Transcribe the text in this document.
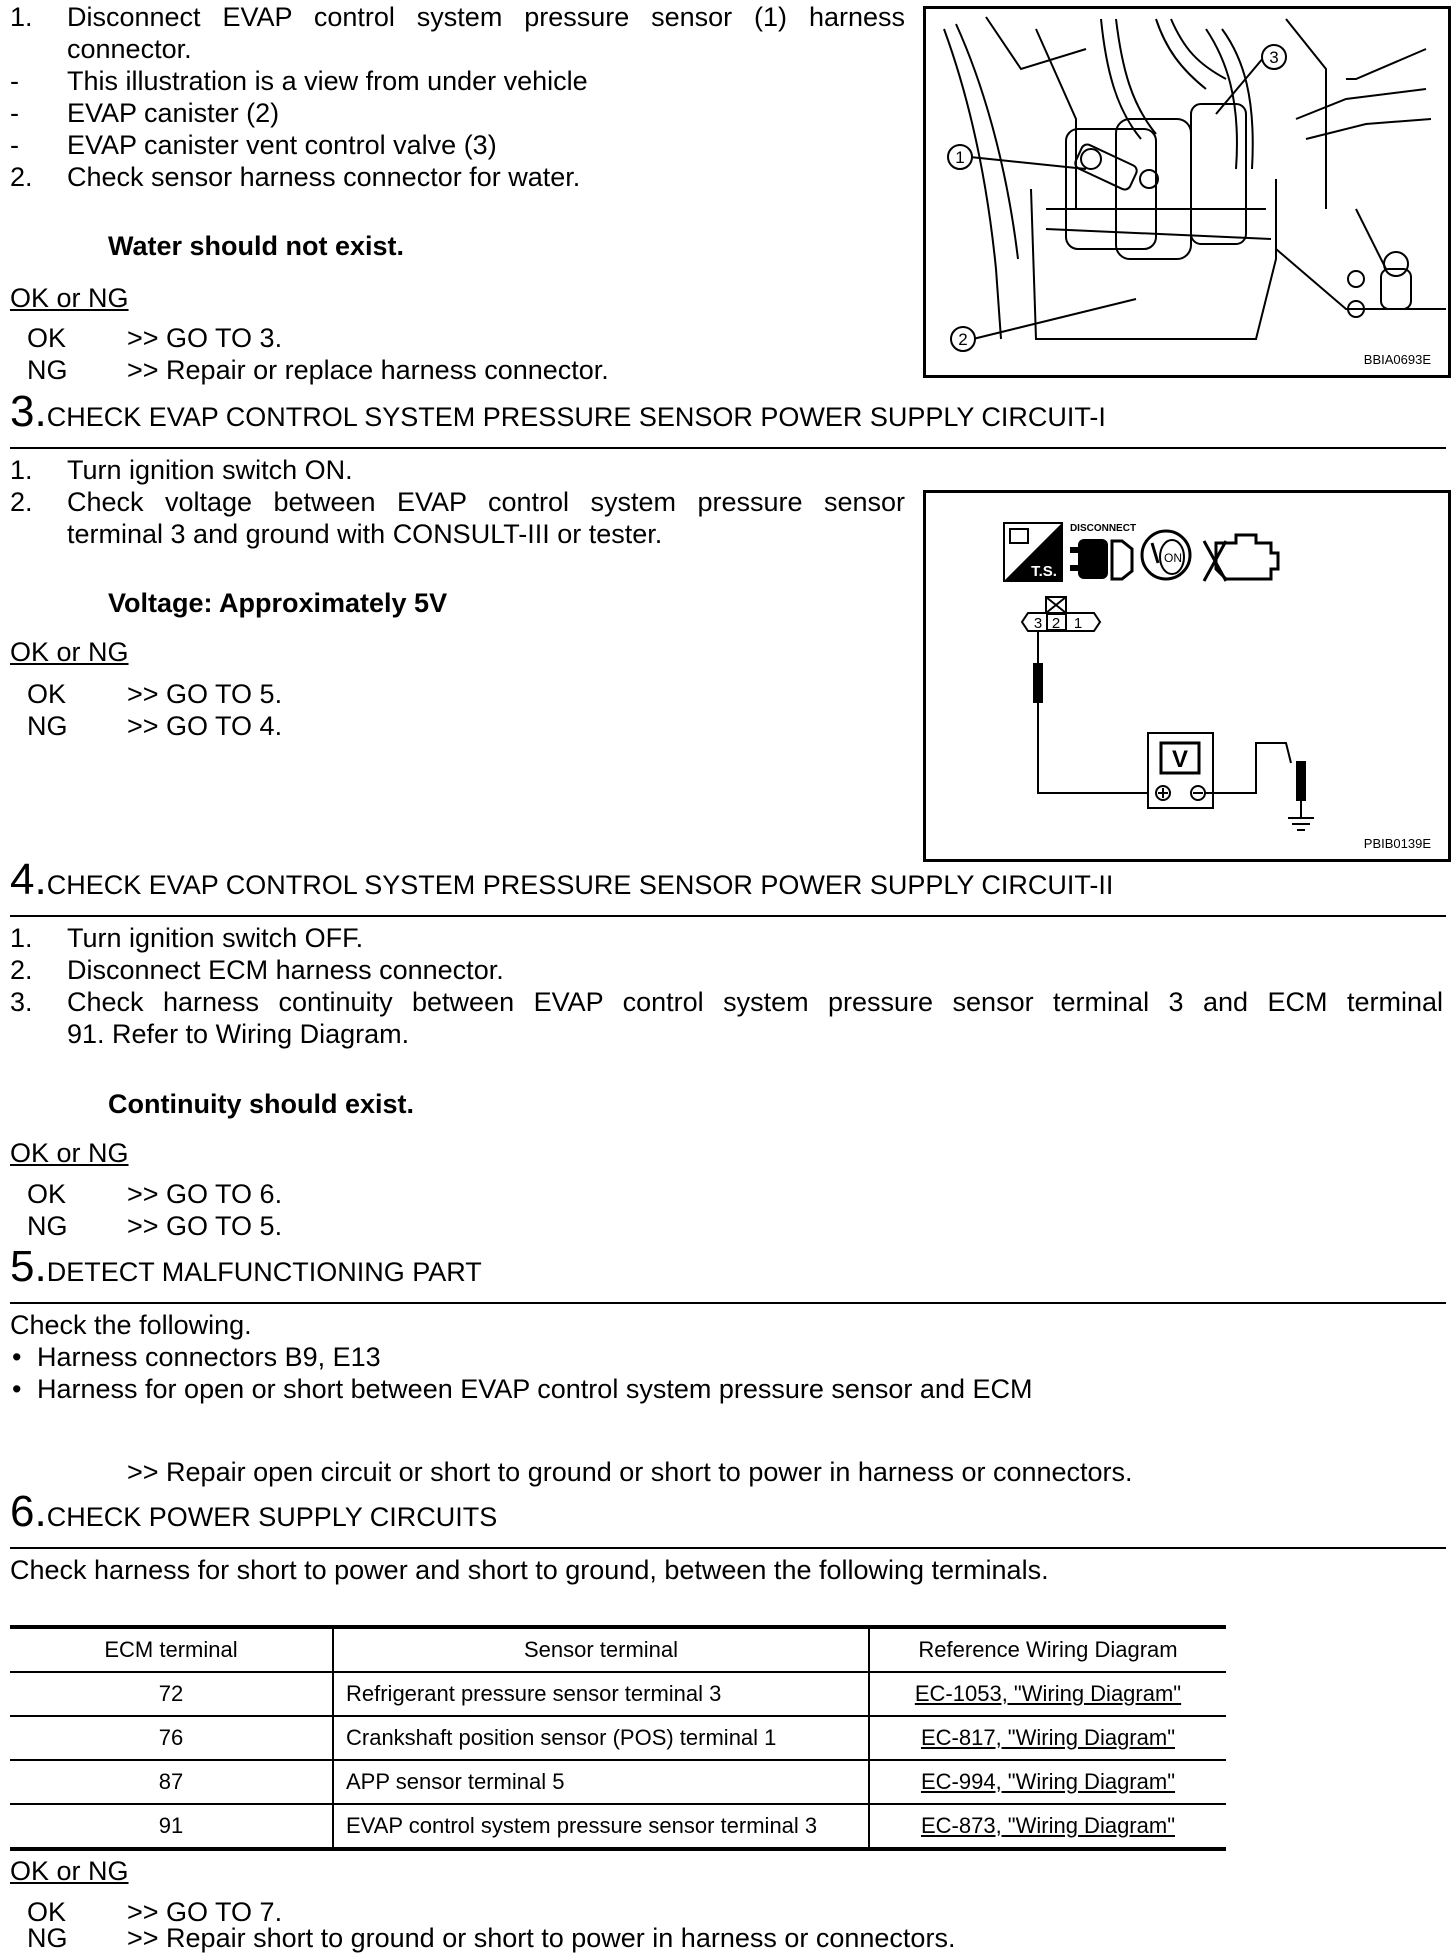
1. Disconnect EVAP control system pressure sensor (1) harness
connector.
- This illustration is a view from under vehicle
- EVAP canister (2)
- EVAP canister vent control valve (3)
2. Check sensor harness connector for water.
Water should not exist.
OK or NG
OK >> GO TO 3.
NG >> Repair or replace harness connector.
1
2
3
BBIA0693E
3.CHECK EVAP CONTROL SYSTEM PRESSURE SENSOR POWER SUPPLY CIRCUIT-I
1. Turn ignition switch ON.
2. Check voltage between EVAP control system pressure sensor
terminal 3 and ground with CONSULT-III or tester.
Voltage: Approximately 5V
OK or NG
OK >> GO TO 5.
NG >> GO TO 4.
T.S.
DISCONNECT
ON
3 2 1
V
PBIB0139E
4.CHECK EVAP CONTROL SYSTEM PRESSURE SENSOR POWER SUPPLY CIRCUIT-II
1. Turn ignition switch OFF.
2. Disconnect ECM harness connector.
3. Check harness continuity between EVAP control system pressure sensor terminal 3 and ECM terminal
91. Refer to Wiring Diagram.
Continuity should exist.
OK or NG
OK >> GO TO 6.
NG >> GO TO 5.
5.DETECT MALFUNCTIONING PART
Check the following.
• Harness connectors B9, E13
• Harness for open or short between EVAP control system pressure sensor and ECM
>> Repair open circuit or short to ground or short to power in harness or connectors.
6.CHECK POWER SUPPLY CIRCUITS
Check harness for short to power and short to ground, between the following terminals.
ECM terminal	Sensor terminal	Reference Wiring Diagram
72	Refrigerant pressure sensor terminal 3	EC-1053, "Wiring Diagram"
76	Crankshaft position sensor (POS) terminal 1	EC-817, "Wiring Diagram"
87	APP sensor terminal 5	EC-994, "Wiring Diagram"
91	EVAP control system pressure sensor terminal 3	EC-873, "Wiring Diagram"
OK or NG
OK >> GO TO 7.
NG >> Repair short to ground or short to power in harness or connectors.
